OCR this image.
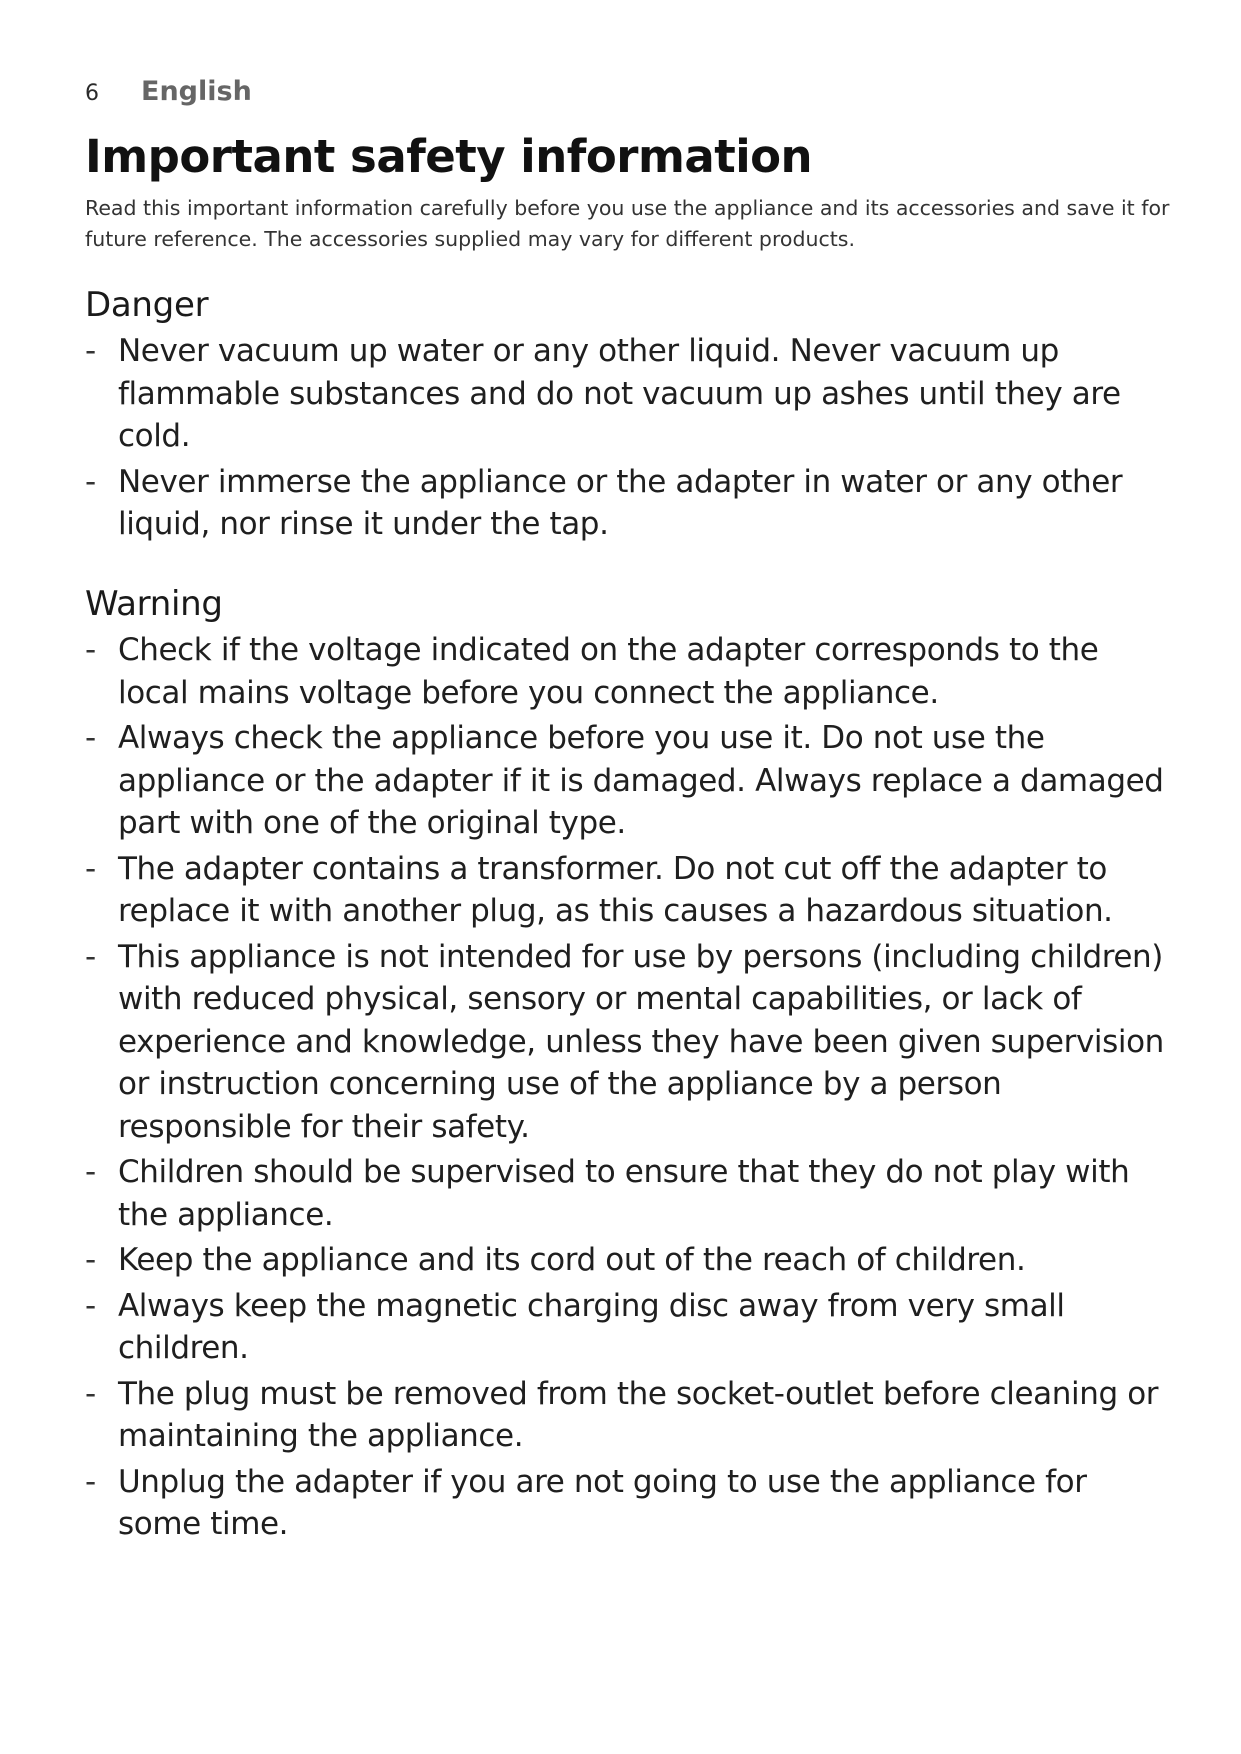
6	English
Important safety information

Read this important information carefully before you use the appliance and its accessories and save it for future reference. The accessories supplied may vary for different products.

Danger
- Never vacuum up water or any other liquid. Never vacuum up flammable substances and do not vacuum up ashes until they are cold.
- Never immerse the appliance or the adapter in water or any other liquid, nor rinse it under the tap.
Warning
- Check if the voltage indicated on the adapter corresponds to the local mains voltage before you connect the appliance.
- Always check the appliance before you use it. Do not use the appliance or the adapter if it is damaged. Always replace a damaged part with one of the original type.
- The adapter contains a transformer. Do not cut off the adapter to replace it with another plug, as this causes a hazardous situation.
- This appliance is not intended for use by persons (including children) with reduced physical, sensory or mental capabilities, or lack of experience and knowledge, unless they have been given supervision or instruction concerning use of the appliance by a person responsible for their safety.
- Children should be supervised to ensure that they do not play with the appliance.
- Keep the appliance and its cord out of the reach of children.
- Always keep the magnetic charging disc away from very small children.
- The plug must be removed from the socket-outlet before cleaning or maintaining the appliance.
- Unplug the adapter if you are not going to use the appliance for some time.
